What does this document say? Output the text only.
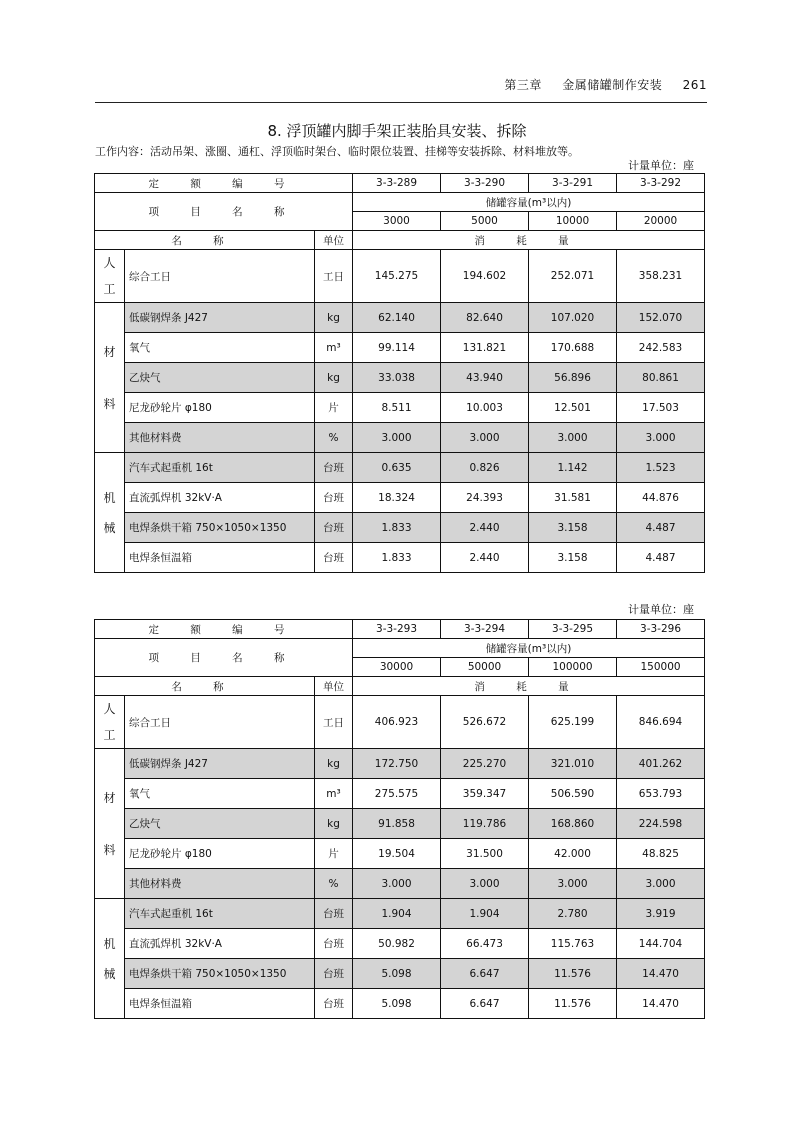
第三章 金属储罐制作安装 261
8. 浮顶罐内脚手架正装胎具安装、拆除
工作内容：活动吊架、涨圈、通杠、浮顶临时架台、临时限位装置、挂梯等安装拆除、材料堆放等。
计量单位：座
计量单位：座
定 额 编 号			3-3-289	3-3-290	3-3-291	3-3-292
项 目 名 称			储罐容量(m³以内)			
			3000	5000	10000	20000
名 称		单位	消 耗 量			
人工	综合工日	工日	145.275	194.602	252.071	358.231

材
料	低碳钢焊条 J427	kg	62.140	82.640	107.020	152.070
	氧气	m³	99.114	131.821	170.688	242.583
	乙炔气	kg	33.038	43.940	56.896	80.861
	尼龙砂轮片 φ180	片	8.511	10.003	12.501	17.503
	其他材料费	%	3.000	3.000	3.000	3.000

机
械	汽车式起重机 16t	台班	0.635	0.826	1.142	1.523
	直流弧焊机 32kV·A	台班	18.324	24.393	31.581	44.876
	电焊条烘干箱 750×1050×1350	台班	1.833	2.440	3.158	4.487
	电焊条恒温箱	台班	1.833	2.440	3.158	4.487
定 额 编 号			3-3-293	3-3-294	3-3-295	3-3-296
项 目 名 称			储罐容量(m³以内)			
			30000	50000	100000	150000
名 称		单位	消 耗 量			
人工	综合工日	工日	406.923	526.672	625.199	846.694

材
料	低碳钢焊条 J427	kg	172.750	225.270	321.010	401.262
	氧气	m³	275.575	359.347	506.590	653.793
	乙炔气	kg	91.858	119.786	168.860	224.598
	尼龙砂轮片 φ180	片	19.504	31.500	42.000	48.825
	其他材料费	%	3.000	3.000	3.000	3.000

机
械	汽车式起重机 16t	台班	1.904	1.904	2.780	3.919
	直流弧焊机 32kV·A	台班	50.982	66.473	115.763	144.704
	电焊条烘干箱 750×1050×1350	台班	5.098	6.647	11.576	14.470
	电焊条恒温箱	台班	5.098	6.647	11.576	14.470
